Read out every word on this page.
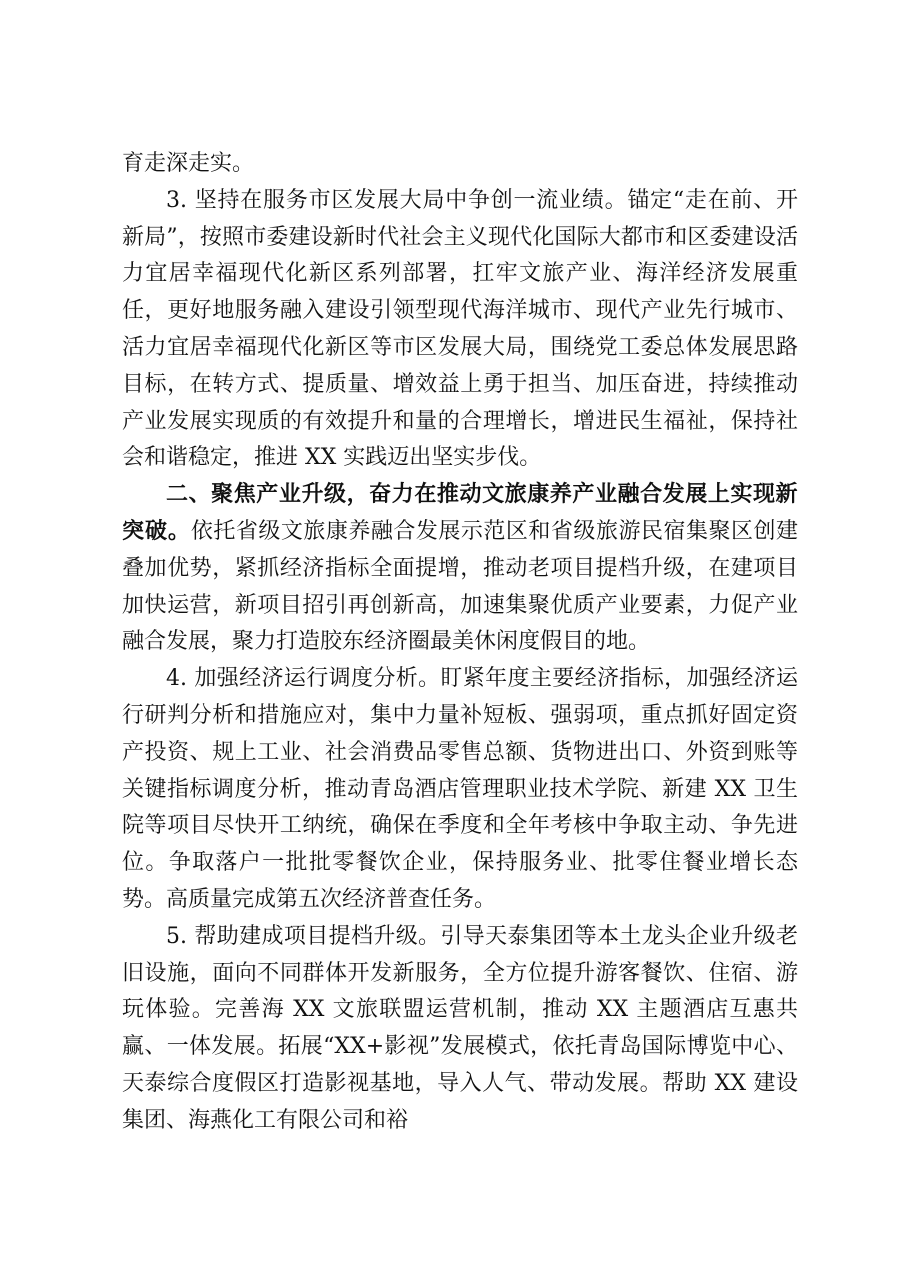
育走深走实。

3. 坚持在服务市区发展大局中争创一流业绩。锚定“走在前、开新局”，按照市委建设新时代社会主义现代化国际大都市和区委建设活力宜居幸福现代化新区系列部署，扛牢文旅产业、海洋经济发展重任，更好地服务融入建设引领型现代海洋城市、现代产业先行城市、活力宜居幸福现代化新区等市区发展大局，围绕党工委总体发展思路目标，在转方式、提质量、增效益上勇于担当、加压奋进，持续推动产业发展实现质的有效提升和量的合理增长，增进民生福祉，保持社会和谐稳定，推进 XX 实践迈出坚实步伐。

二、聚焦产业升级，奋力在推动文旅康养产业融合发展上实现新突破。依托省级文旅康养融合发展示范区和省级旅游民宿集聚区创建叠加优势，紧抓经济指标全面提增，推动老项目提档升级，在建项目加快运营，新项目招引再创新高，加速集聚优质产业要素，力促产业融合发展，聚力打造胶东经济圈最美休闲度假目的地。

4. 加强经济运行调度分析。盯紧年度主要经济指标，加强经济运行研判分析和措施应对，集中力量补短板、强弱项，重点抓好固定资产投资、规上工业、社会消费品零售总额、货物进出口、外资到账等关键指标调度分析，推动青岛酒店管理职业技术学院、新建 XX 卫生院等项目尽快开工纳统，确保在季度和全年考核中争取主动、争先进位。争取落户一批批零餐饮企业，保持服务业、批零住餐业增长态势。高质量完成第五次经济普查任务。

5. 帮助建成项目提档升级。引导天泰集团等本土龙头企业升级老旧设施，面向不同群体开发新服务，全方位提升游客餐饮、住宿、游玩体验。完善海 XX 文旅联盟运营机制，推动 XX 主题酒店互惠共赢、一体发展。拓展“XX+影视”发展模式，依托青岛国际博览中心、天泰综合度假区打造影视基地，导入人气、带动发展。帮助 XX 建设集团、海燕化工有限公司和裕
